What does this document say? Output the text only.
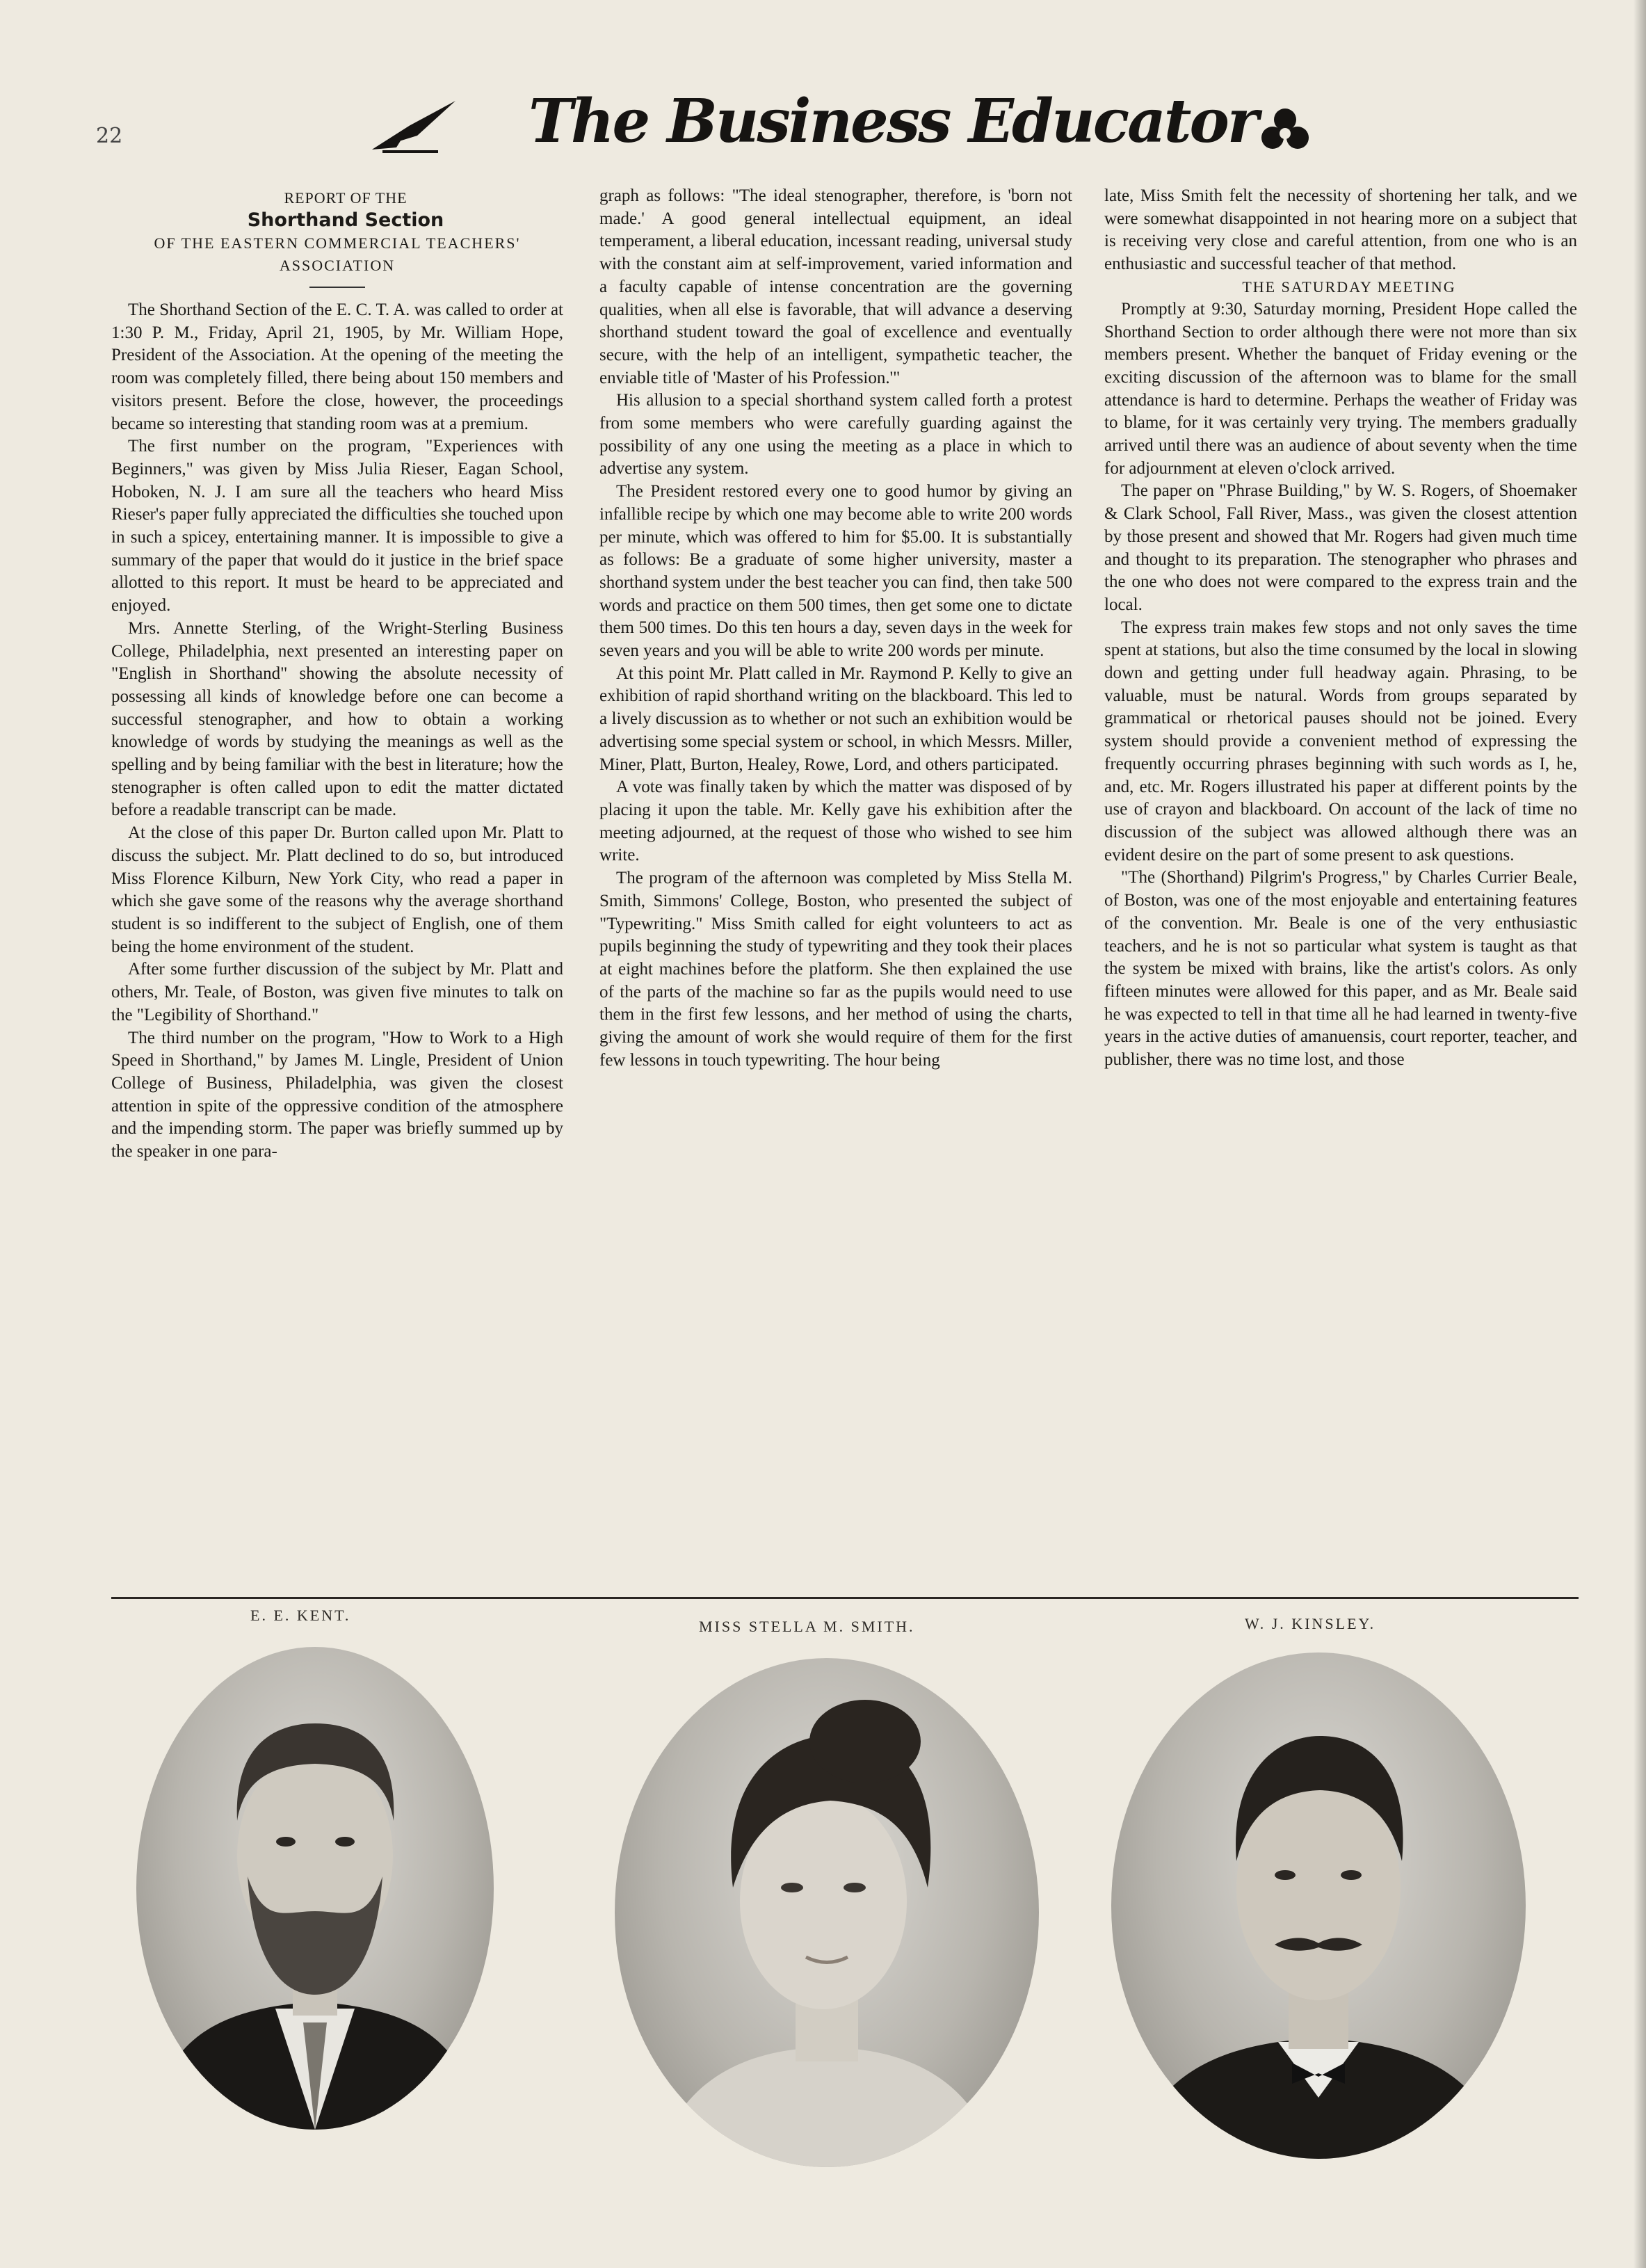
22	The Business Educator

REPORT OF THE

Shorthand Section

OF THE EASTERN COMMERCIAL TEACHERS' ASSOCIATION

The Shorthand Section of the E. C. T. A. was called to order at 1:30 P. M., Friday, April 21, 1905, by Mr. William Hope, President of the Association. At the opening of the meeting the room was completely filled, there being about 150 members and visitors present. Before the close, however, the proceedings became so interesting that standing room was at a premium.

The first number on the program, "Experiences with Beginners," was given by Miss Julia Rieser, Eagan School, Hoboken, N. J. I am sure all the teachers who heard Miss Rieser's paper fully appreciated the difficulties she touched upon in such a spicey, entertaining manner. It is impossible to give a summary of the paper that would do it justice in the brief space allotted to this report. It must be heard to be appreciated and enjoyed.

Mrs. Annette Sterling, of the Wright-Sterling Business College, Philadelphia, next presented an interesting paper on "English in Shorthand" showing the absolute necessity of possessing all kinds of knowledge before one can become a successful stenographer, and how to obtain a working knowledge of words by studying the meanings as well as the spelling and by being familiar with the best in literature; how the stenographer is often called upon to edit the matter dictated before a readable transcript can be made.

At the close of this paper Dr. Burton called upon Mr. Platt to discuss the subject. Mr. Platt declined to do so, but introduced Miss Florence Kilburn, New York City, who read a paper in which she gave some of the reasons why the average shorthand student is so indifferent to the subject of English, one of them being the home environment of the student.

After some further discussion of the subject by Mr. Platt and others, Mr. Teale, of Boston, was given five minutes to talk on the "Legibility of Shorthand."

The third number on the program, "How to Work to a High Speed in Shorthand," by James M. Lingle, President of Union College of Business, Philadelphia, was given the closest attention in spite of the oppressive condition of the atmosphere and the impending storm. The paper was briefly summed up by the speaker in one para-

graph as follows: "The ideal stenographer, therefore, is 'born not made.' A good general intellectual equipment, an ideal temperament, a liberal education, incessant reading, universal study with the constant aim at self-improvement, varied information and a faculty capable of intense concentration are the governing qualities, when all else is favorable, that will advance a deserving shorthand student toward the goal of excellence and eventually secure, with the help of an intelligent, sympathetic teacher, the enviable title of 'Master of his Profession.'"

His allusion to a special shorthand system called forth a protest from some members who were carefully guarding against the possibility of any one using the meeting as a place in which to advertise any system.

The President restored every one to good humor by giving an infallible recipe by which one may become able to write 200 words per minute, which was offered to him for $5.00. It is substantially as follows: Be a graduate of some higher university, master a shorthand system under the best teacher you can find, then take 500 words and practice on them 500 times, then get some one to dictate them 500 times. Do this ten hours a day, seven days in the week for seven years and you will be able to write 200 words per minute.

At this point Mr. Platt called in Mr. Raymond P. Kelly to give an exhibition of rapid shorthand writing on the blackboard. This led to a lively discussion as to whether or not such an exhibition would be advertising some special system or school, in which Messrs. Miller, Miner, Platt, Burton, Healey, Rowe, Lord, and others participated.

A vote was finally taken by which the matter was disposed of by placing it upon the table. Mr. Kelly gave his exhibition after the meeting adjourned, at the request of those who wished to see him write.

The program of the afternoon was completed by Miss Stella M. Smith, Simmons' College, Boston, who presented the subject of "Typewriting." Miss Smith called for eight volunteers to act as pupils beginning the study of typewriting and they took their places at eight machines before the platform. She then explained the use of the parts of the machine so far as the pupils would need to use them in the first few lessons, and her method of using the charts, giving the amount of work she would require of them for the first few lessons in touch typewriting. The hour being

late, Miss Smith felt the necessity of shortening her talk, and we were somewhat disappointed in not hearing more on a subject that is receiving very close and careful attention, from one who is an enthusiastic and successful teacher of that method.

THE SATURDAY MEETING

Promptly at 9:30, Saturday morning, President Hope called the Shorthand Section to order although there were not more than six members present. Whether the banquet of Friday evening or the exciting discussion of the afternoon was to blame for the small attendance is hard to determine. Perhaps the weather of Friday was to blame, for it was certainly very trying. The members gradually arrived until there was an audience of about seventy when the time for adjournment at eleven o'clock arrived.

The paper on "Phrase Building," by W. S. Rogers, of Shoemaker & Clark School, Fall River, Mass., was given the closest attention by those present and showed that Mr. Rogers had given much time and thought to its preparation. The stenographer who phrases and the one who does not were compared to the express train and the local.

The express train makes few stops and not only saves the time spent at stations, but also the time consumed by the local in slowing down and getting under full headway again. Phrasing, to be valuable, must be natural. Words from groups separated by grammatical or rhetorical pauses should not be joined. Every system should provide a convenient method of expressing the frequently occurring phrases beginning with such words as I, he, and, etc. Mr. Rogers illustrated his paper at different points by the use of crayon and blackboard. On account of the lack of time no discussion of the subject was allowed although there was an evident desire on the part of some present to ask questions.

"The (Shorthand) Pilgrim's Progress," by Charles Currier Beale, of Boston, was one of the most enjoyable and entertaining features of the convention. Mr. Beale is one of the very enthusiastic teachers, and he is not so particular what system is taught as that the system be mixed with brains, like the artist's colors. As only fifteen minutes were allowed for this paper, and as Mr. Beale said he was expected to tell in that time all he had learned in twenty-five years in the active duties of amanuensis, court reporter, teacher, and publisher, there was no time lost, and those

E. E. KENT.
MISS STELLA M. SMITH.	W. J. KINSLEY.
